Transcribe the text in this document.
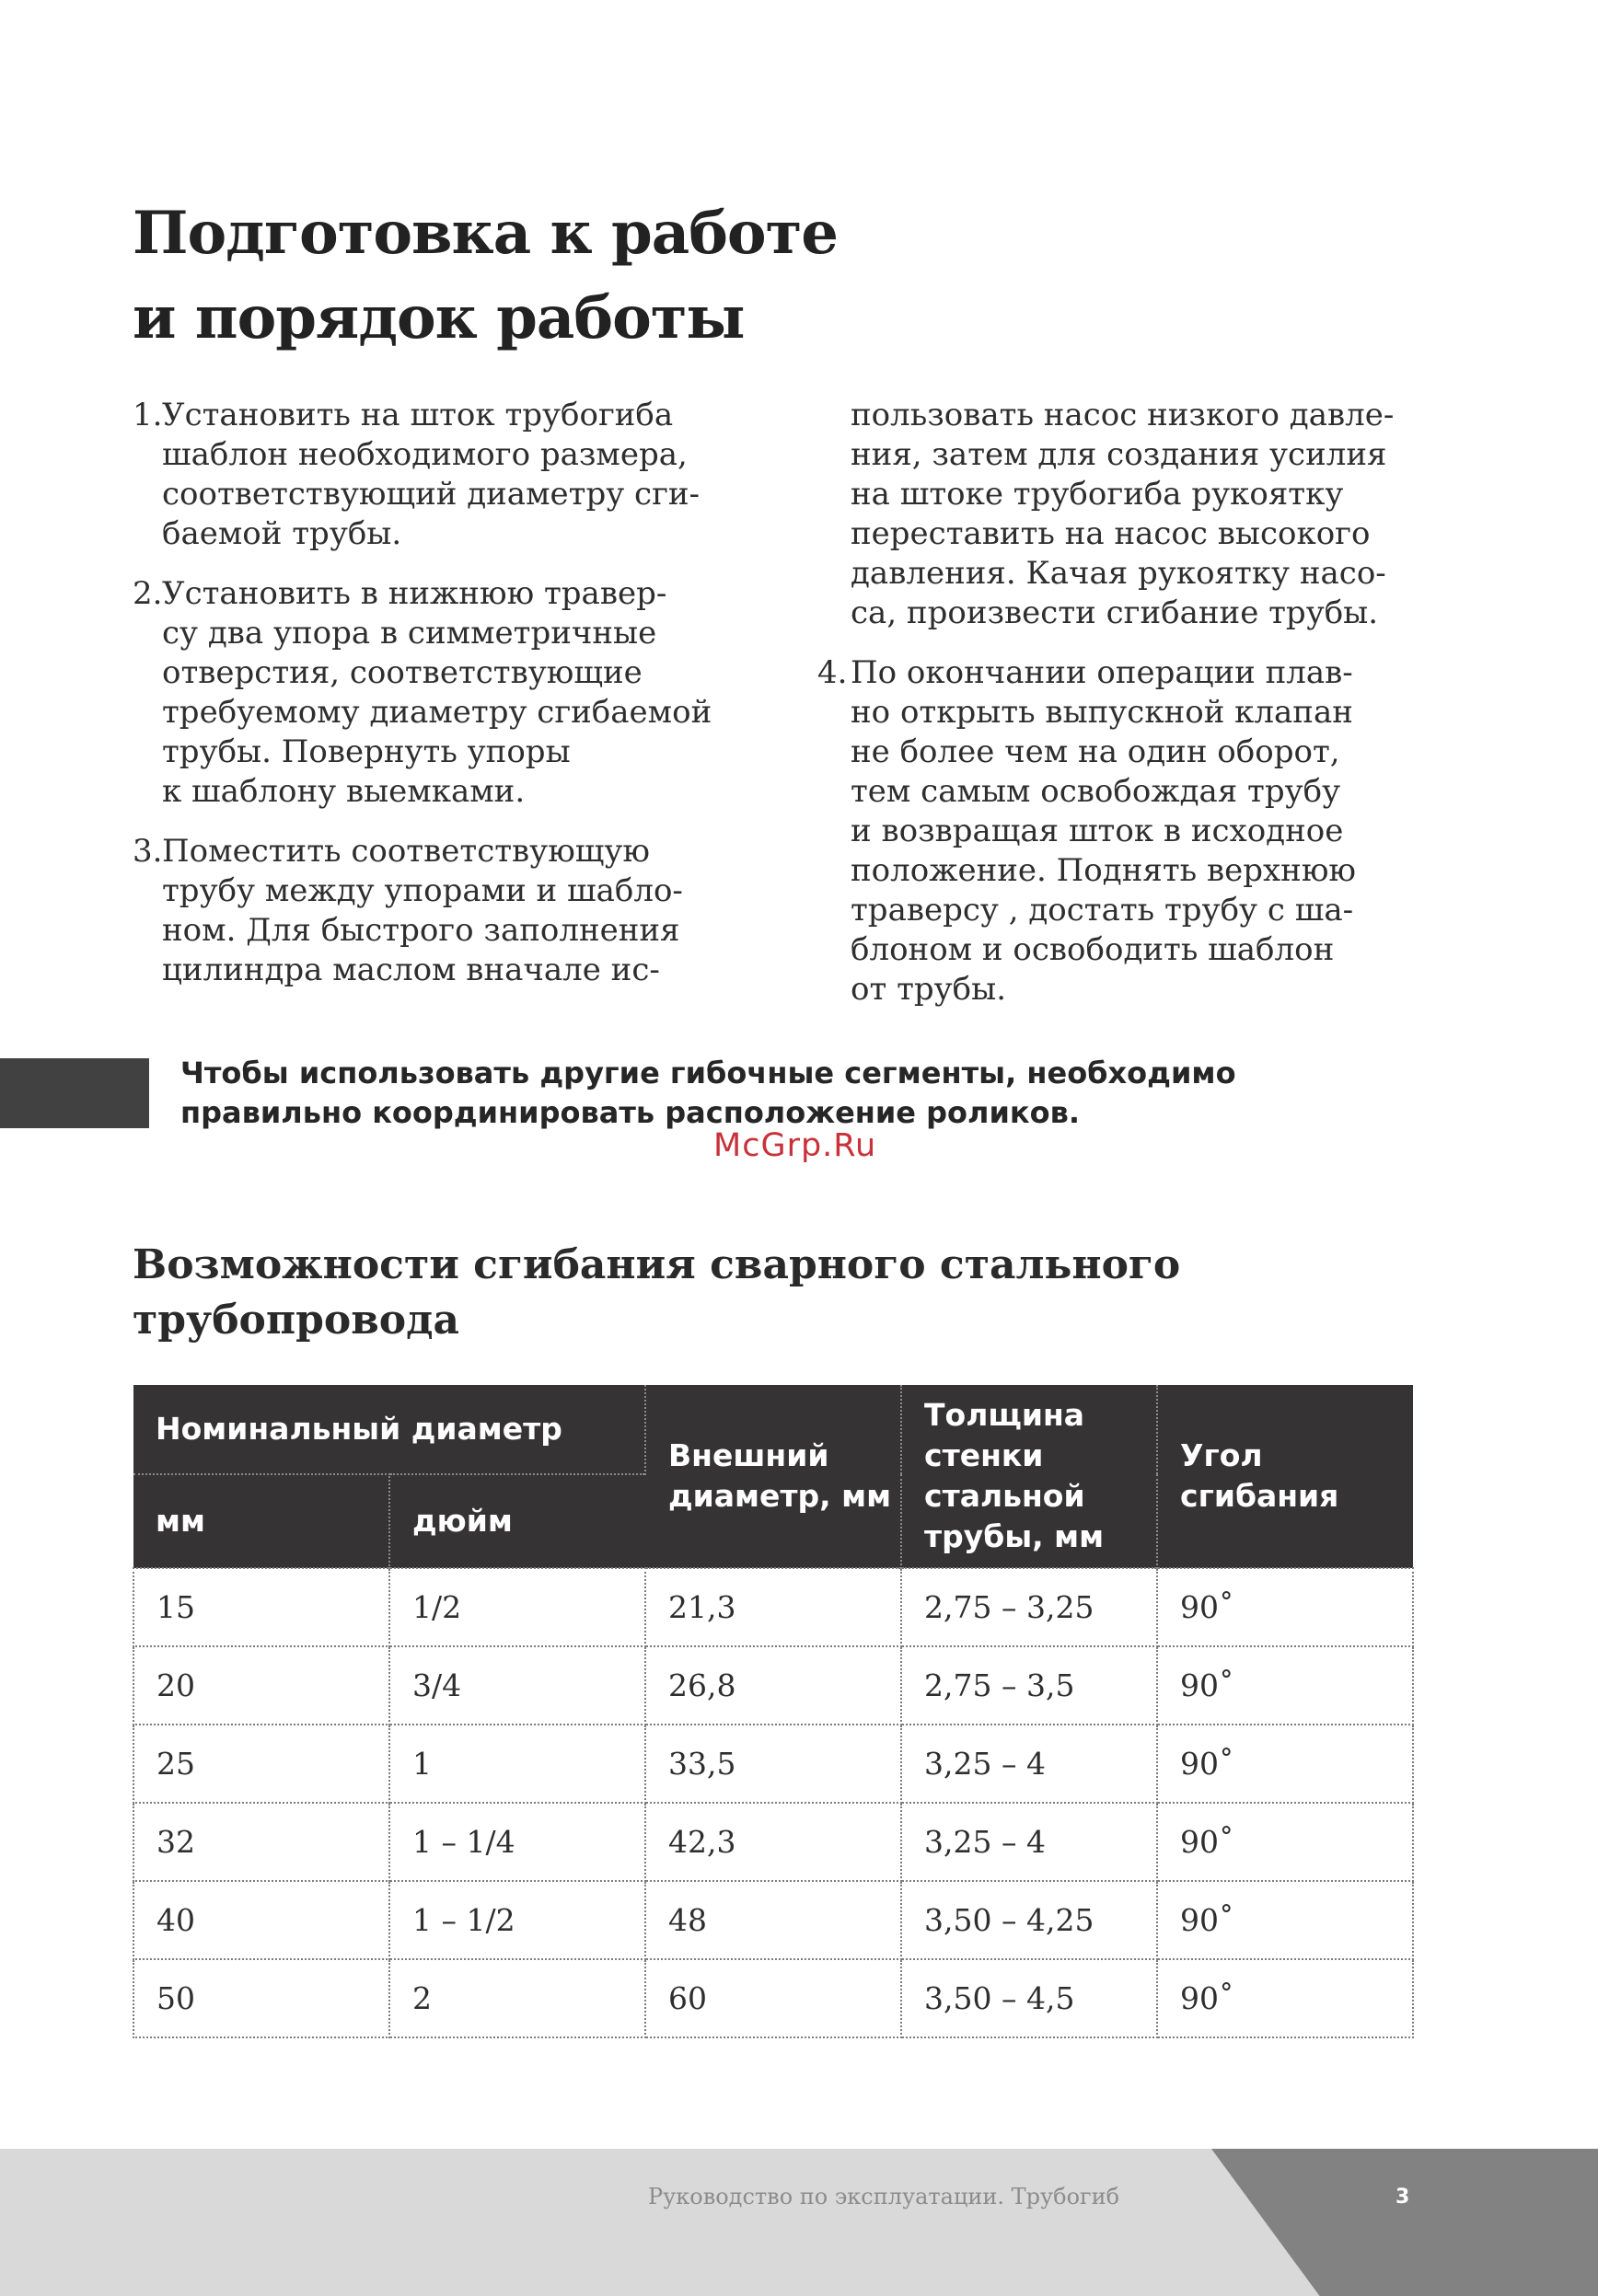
Подготовка к работе
и порядок работы
1. Установить на шток трубогиба
шаблон необходимого размера,
соответствующий диаметру сги-
баемой трубы.
2. Установить в нижнюю травер-
су два упора в симметричные
отверстия, соответствующие
требуемому диаметру сгибаемой
трубы. Повернуть упоры
к шаблону выемками.
3. Поместить соответствующую
трубу между упорами и шабло-
ном. Для быстрого заполнения
цилиндра маслом вначале ис-
пользовать насос низкого давле-
ния, затем для создания усилия
на штоке трубогиба рукоятку
переставить на насос высокого
давления. Качая рукоятку насо-
са, произвести сгибание трубы.
4. По окончании операции плав-
но открыть выпускной клапан
не более чем на один оборот,
тем самым освобождая трубу
и возвращая шток в исходное
положение. Поднять верхнюю
траверсу , достать трубу с ша-
блоном и освободить шаблон
от трубы.
Чтобы использовать другие гибочные сегменты, необходимо
правильно координировать расположение роликов.
McGrp.Ru
Возможности сгибания сварного стального
трубопровода
Номинальный диаметр		Внешний диаметр, мм	Толщина стенки стальной трубы, мм	Угол сгибания
мм	дюйм			
15	1/2	21,3	2,75 – 3,25	90˚
20	3/4	26,8	2,75 – 3,5	90˚
25	1	33,5	3,25 – 4	90˚
32	1 – 1/4	42,3	3,25 – 4	90˚
40	1 – 1/2	48	3,50 – 4,25	90˚
50	2	60	3,50 – 4,5	90˚
Руководство по эксплуатации. Трубогиб	3
